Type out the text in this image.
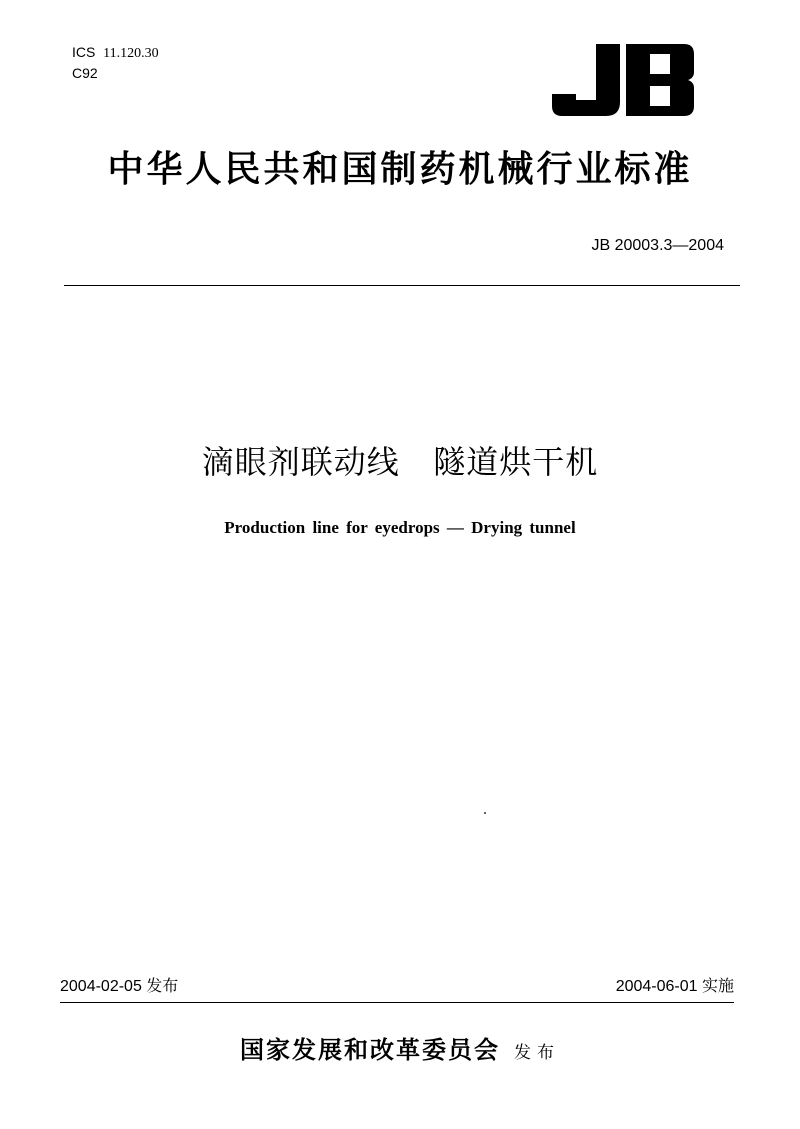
ICS 11.120.30
C92
中华人民共和国制药机械行业标准
JB 20003.3—2004
滴眼剂联动线 隧道烘干机
Production line for eyedrops — Drying tunnel
2004-02-05 发布	2004-06-01 实施
国家发展和改革委员会 发布
